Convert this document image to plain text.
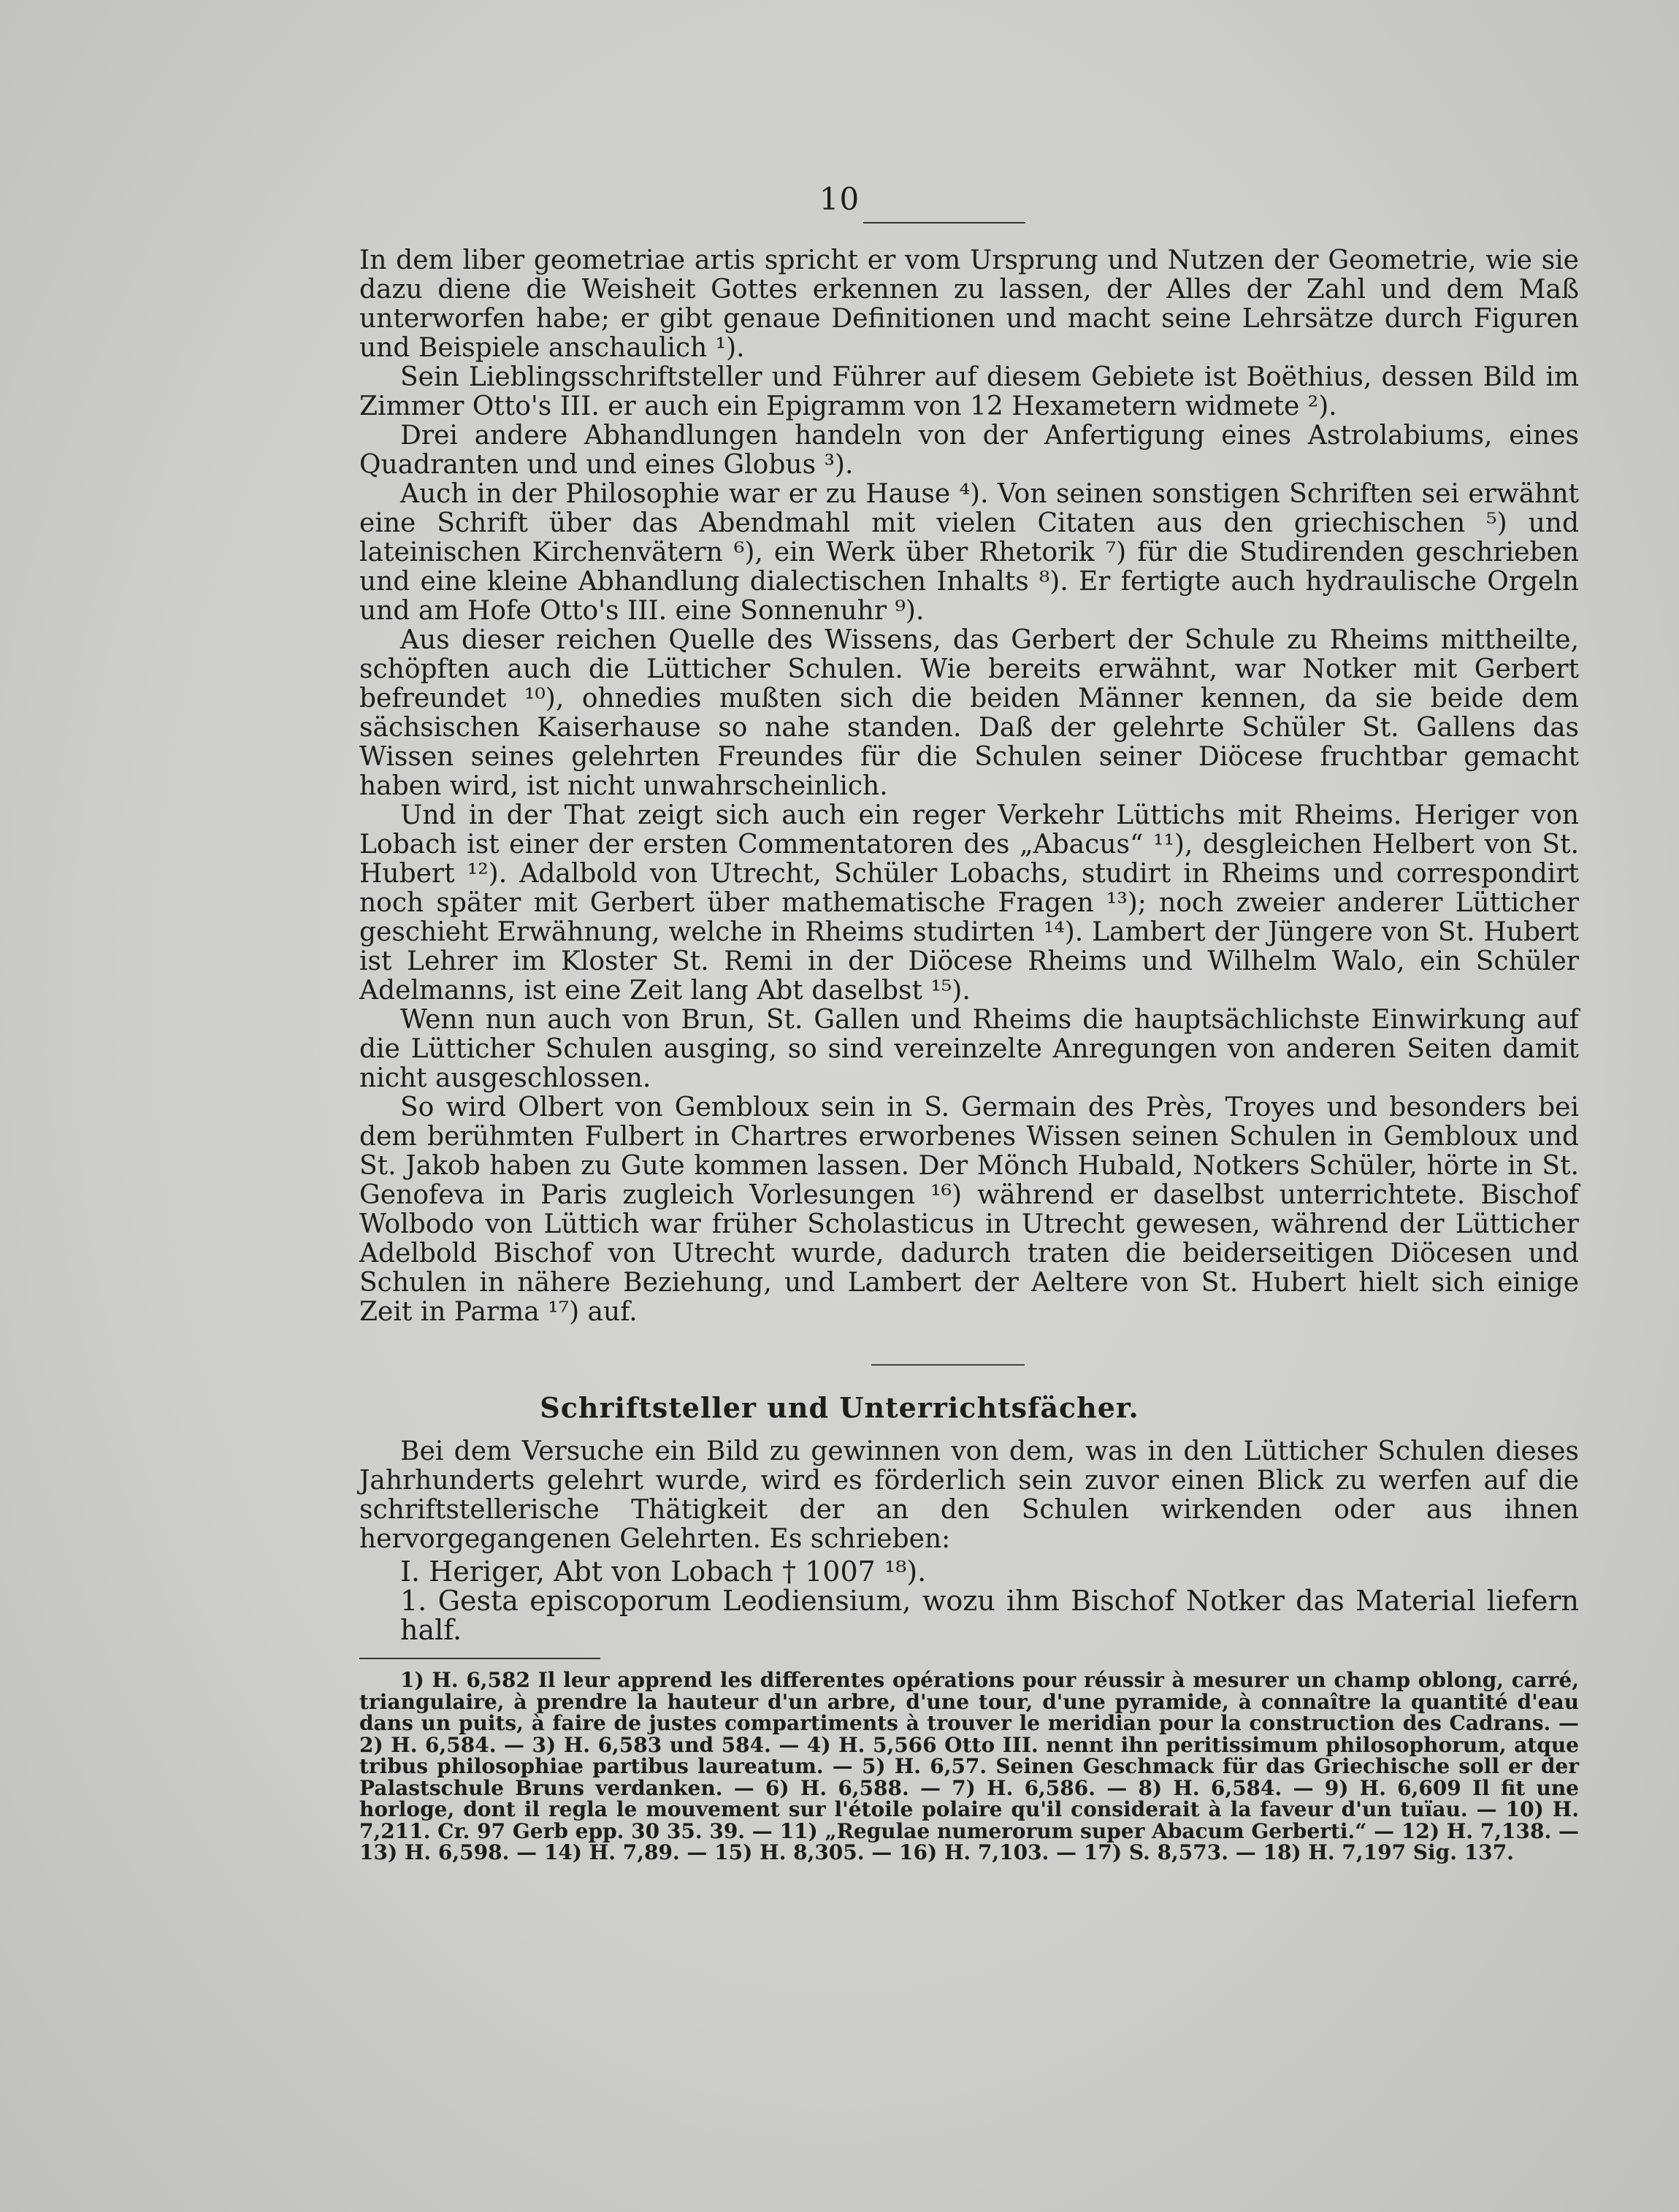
10

In dem liber geometriae artis spricht er vom Ursprung und Nutzen der Geometrie, wie sie dazu diene die Weisheit Gottes erkennen zu lassen, der Alles der Zahl und dem Maß unterworfen habe; er gibt genaue Definitionen und macht seine Lehrsätze durch Figuren und Beispiele anschaulich ¹).

Sein Lieblingsschriftsteller und Führer auf diesem Gebiete ist Boëthius, dessen Bild im Zimmer Otto's III. er auch ein Epigramm von 12 Hexametern widmete ²).

Drei andere Abhandlungen handeln von der Anfertigung eines Astrolabiums, eines Quadranten und und eines Globus ³).

Auch in der Philosophie war er zu Hause ⁴). Von seinen sonstigen Schriften sei erwähnt eine Schrift über das Abendmahl mit vielen Citaten aus den griechischen ⁵) und lateinischen Kirchenvätern ⁶), ein Werk über Rhetorik ⁷) für die Studirenden geschrieben und eine kleine Abhandlung dialectischen Inhalts ⁸). Er fertigte auch hydraulische Orgeln und am Hofe Otto's III. eine Sonnenuhr ⁹).

Aus dieser reichen Quelle des Wissens, das Gerbert der Schule zu Rheims mittheilte, schöpften auch die Lütticher Schulen. Wie bereits erwähnt, war Notker mit Gerbert befreundet ¹⁰), ohnedies mußten sich die beiden Männer kennen, da sie beide dem sächsischen Kaiserhause so nahe standen. Daß der gelehrte Schüler St. Gallens das Wissen seines gelehrten Freundes für die Schulen seiner Diöcese fruchtbar gemacht haben wird, ist nicht unwahrscheinlich.

Und in der That zeigt sich auch ein reger Verkehr Lüttichs mit Rheims. Heriger von Lobach ist einer der ersten Commentatoren des „Abacus“ ¹¹), desgleichen Helbert von St. Hubert ¹²). Adalbold von Utrecht, Schüler Lobachs, studirt in Rheims und correspondirt noch später mit Gerbert über mathematische Fragen ¹³); noch zweier anderer Lütticher geschieht Erwähnung, welche in Rheims studirten ¹⁴). Lambert der Jüngere von St. Hubert ist Lehrer im Kloster St. Remi in der Diöcese Rheims und Wilhelm Walo, ein Schüler Adelmanns, ist eine Zeit lang Abt daselbst ¹⁵).

Wenn nun auch von Brun, St. Gallen und Rheims die hauptsächlichste Einwirkung auf die Lütticher Schulen ausging, so sind vereinzelte Anregungen von anderen Seiten damit nicht ausgeschlossen.

So wird Olbert von Gembloux sein in S. Germain des Près, Troyes und besonders bei dem berühmten Fulbert in Chartres erworbenes Wissen seinen Schulen in Gembloux und St. Jakob haben zu Gute kommen lassen. Der Mönch Hubald, Notkers Schüler, hörte in St. Genofeva in Paris zugleich Vorlesungen ¹⁶) während er daselbst unterrichtete. Bischof Wolbodo von Lüttich war früher Scholasticus in Utrecht gewesen, während der Lütticher Adelbold Bischof von Utrecht wurde, dadurch traten die beiderseitigen Diöcesen und Schulen in nähere Beziehung, und Lambert der Aeltere von St. Hubert hielt sich einige Zeit in Parma ¹⁷) auf.

Schriftsteller und Unterrichtsfächer.

Bei dem Versuche ein Bild zu gewinnen von dem, was in den Lütticher Schulen dieses Jahrhunderts gelehrt wurde, wird es förderlich sein zuvor einen Blick zu werfen auf die schriftstellerische Thätigkeit der an den Schulen wirkenden oder aus ihnen hervorgegangenen Gelehrten. Es schrieben:

I. Heriger, Abt von Lobach † 1007 ¹⁸).

1. Gesta episcoporum Leodiensium, wozu ihm Bischof Notker das Material liefern half.

1) H. 6,582 Il leur apprend les differentes opérations pour réussir à mesurer un champ oblong, carré, triangulaire, à prendre la hauteur d'un arbre, d'une tour, d'une pyramide, à connaître la quantité d'eau dans un puits, à faire de justes compartiments à trouver le meridian pour la construction des Cadrans. — 2) H. 6,584. — 3) H. 6,583 und 584. — 4) H. 5,566 Otto III. nennt ihn peritissimum philosophorum, atque tribus philosophiae partibus laureatum. — 5) H. 6,57. Seinen Geschmack für das Griechische soll er der Palastschule Bruns verdanken. — 6) H. 6,588. — 7) H. 6,586. — 8) H. 6,584. — 9) H. 6,609 Il fit une horloge, dont il regla le mouvement sur l'étoile polaire qu'il considerait à la faveur d'un tuïau. — 10) H. 7,211. Cr. 97 Gerb epp. 30 35. 39. — 11) „Regulae numerorum super Abacum Gerberti.“ — 12) H. 7,138. — 13) H. 6,598. — 14) H. 7,89. — 15) H. 8,305. — 16) H. 7,103. — 17) S. 8,573. — 18) H. 7,197 Sig. 137.
